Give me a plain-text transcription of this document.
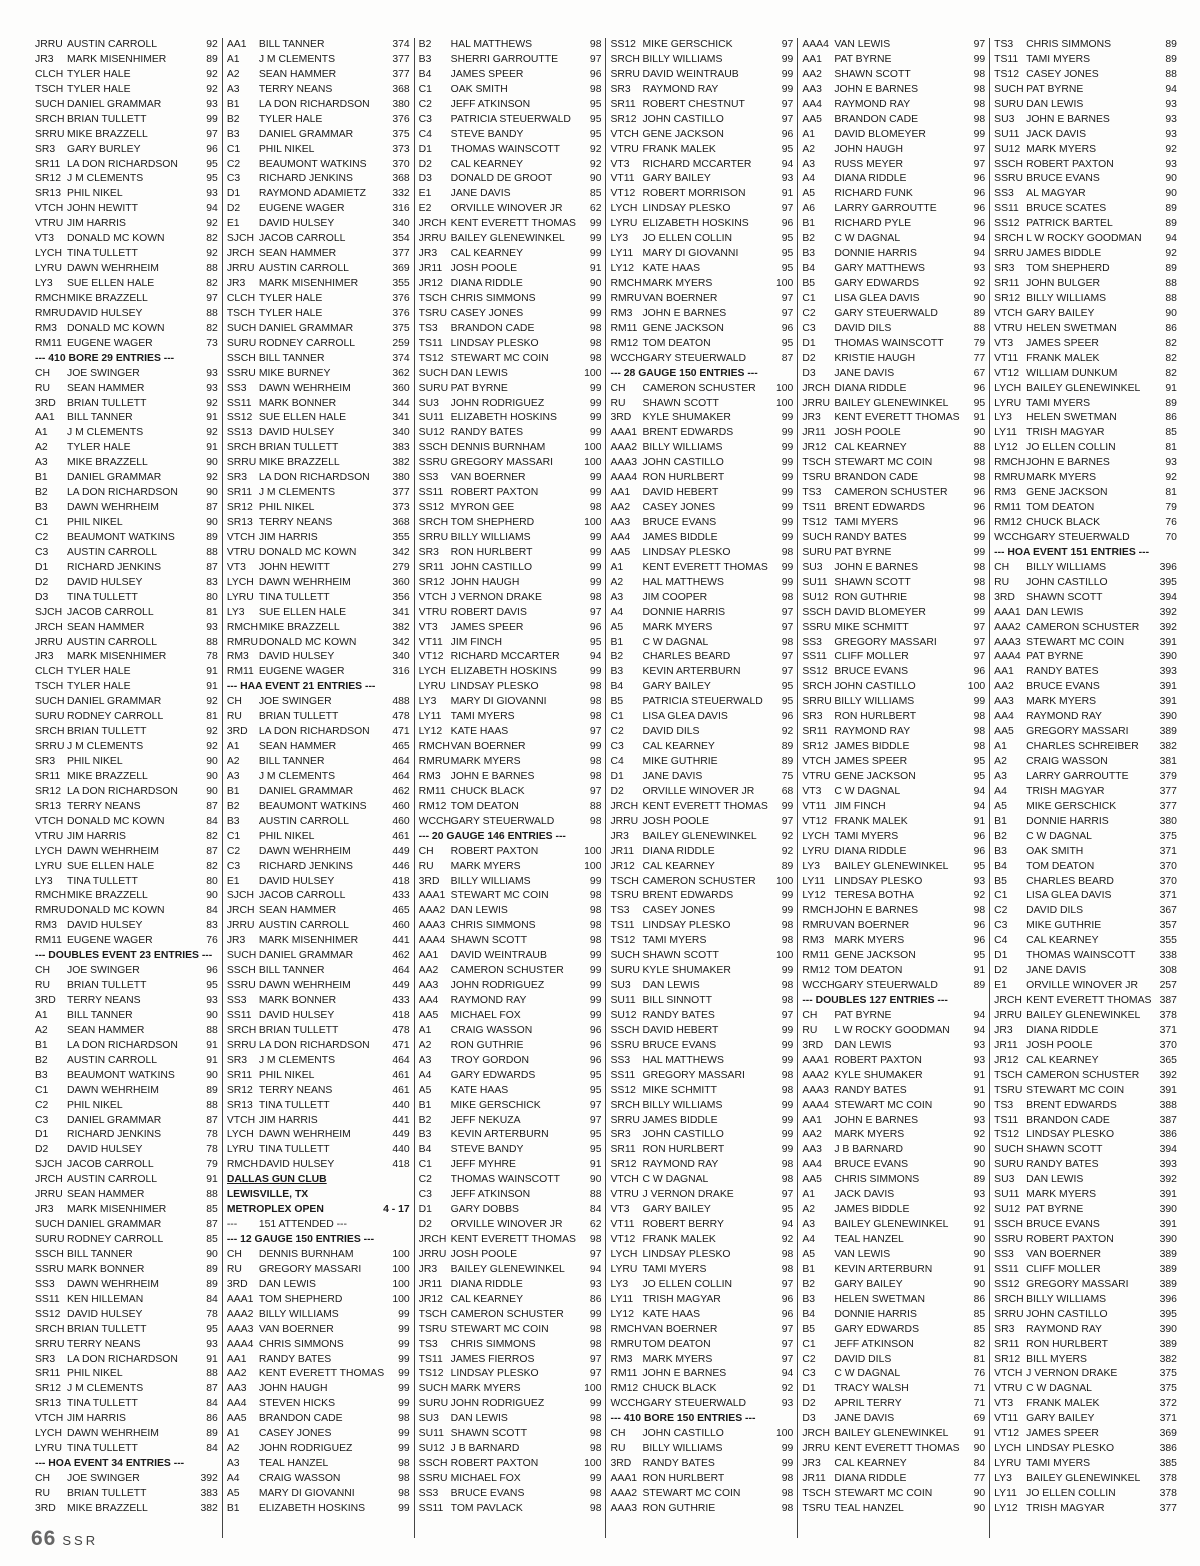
JRRU AUSTIN CARROLL	92
JR3	MARK MISENHIMER	89
CLCH TYLER HALE	92
TSCH TYLER HALE	92
SUCH DANIEL GRAMMAR	93
SRCH BRIAN TULLETT	99
SRRU MIKE BRAZZELL	97
SR3	GARY BURLEY	96
SR11 LA DON RICHARDSON	95
SR12 J M CLEMENTS	95
SR13 PHIL NIKEL	93
VTCH JOHN HEWITT	94
VTRU JIM HARRIS	92
VT3	DONALD MC KOWN	82
LYCH TINA TULLETT	92
LYRU DAWN WEHRHEIM	88
LY3	SUE ELLEN HALE	82
RMCH MIKE BRAZZELL	97
RMRU DAVID HULSEY	88
RM3 DONALD MC KOWN	82
RM11 EUGENE WAGER	73
--- 410 BORE 29 ENTRIES ---
CH	JOE SWINGER	93
RU	SEAN HAMMER	93
3RD	BRIAN TULLETT	92
AA1	BILL TANNER	91
A1	J M CLEMENTS	92
A2	TYLER HALE	91
A3	MIKE BRAZZELL	90
B1	DANIEL GRAMMAR	92
B2	LA DON RICHARDSON	90
B3	DAWN WEHRHEIM	87
C1	PHIL NIKEL	90
C2	BEAUMONT WATKINS	89
C3	AUSTIN CARROLL	88
D1	RICHARD JENKINS	87
D2	DAVID HULSEY	83
D3	TINA TULLETT	80
SJCH JACOB CARROLL	81
JRCH SEAN HAMMER	93
JRRU AUSTIN CARROLL	88
JR3	MARK MISENHIMER	78
CLCH TYLER HALE	91
TSCH TYLER HALE	91
SUCH DANIEL GRAMMAR	92
SURU RODNEY CARROLL	81
SRCH BRIAN TULLETT	92
SRRU J M CLEMENTS	92
SR3	PHIL NIKEL	90
SR11 MIKE BRAZZELL	90
SR12 LA DON RICHARDSON	90
SR13 TERRY NEANS	87
VTCH DONALD MC KOWN	84
VTRU JIM HARRIS	82
LYCH DAWN WEHRHEIM	87
LYRU SUE ELLEN HALE	82
LY3	TINA TULLETT	80
RMCH MIKE BRAZZELL	90
RMRU DONALD MC KOWN	84
RM3 DAVID HULSEY	83
RM11 EUGENE WAGER	76
--- DOUBLES EVENT 23 ENTRIES ---
CH	JOE SWINGER	96
RU	BRIAN TULLETT	95
3RD	TERRY NEANS	93
A1	BILL TANNER	90
A2	SEAN HAMMER	88
B1	LA DON RICHARDSON	91
B2	AUSTIN CARROLL	91
B3	BEAUMONT WATKINS	90
C1	DAWN WEHRHEIM	89
C2	PHIL NIKEL	88
C3	DANIEL GRAMMAR	87
D1	RICHARD JENKINS	78
D2	DAVID HULSEY	78
SJCH JACOB CARROLL	79
JRCH AUSTIN CARROLL	91
JRRU SEAN HAMMER	88
JR3	MARK MISENHIMER	85
SUCH DANIEL GRAMMAR	87
SURU RODNEY CARROLL	85
SSCH BILL TANNER	90
SSRU MARK BONNER	89
SS3	DAWN WEHRHEIM	89
SS11 KEN HILLEMAN	84
SS12 DAVID HULSEY	78
SRCH BRIAN TULLETT	95
SRRU TERRY NEANS	93
SR3	LA DON RICHARDSON	91
SR11 PHIL NIKEL	88
SR12 J M CLEMENTS	87
SR13 TINA TULLETT	84
VTCH JIM HARRIS	86
LYCH DAWN WEHRHEIM	89
LYRU TINA TULLETT	84
--- HOA EVENT 34 ENTRIES ---
CH	JOE SWINGER	392
RU	BRIAN TULLETT	383
3RD	MIKE BRAZZELL	382
AA1	BILL TANNER	374
A1	J M CLEMENTS	377
A2	SEAN HAMMER	377
A3	TERRY NEANS	368
B1	LA DON RICHARDSON	380
B2	TYLER HALE	376
B3	DANIEL GRAMMAR	375
C1	PHIL NIKEL	373
C2	BEAUMONT WATKINS	370
C3	RICHARD JENKINS	368
D1	RAYMOND ADAMIETZ	332
D2	EUGENE WAGER	316
E1	DAVID HULSEY	340
SJCH JACOB CARROLL	354
JRCH SEAN HAMMER	377
JRRU AUSTIN CARROLL	369
JR3	MARK MISENHIMER	355
CLCH TYLER HALE	376
TSCH TYLER HALE	376
SUCH DANIEL GRAMMAR	375
SURU RODNEY CARROLL	259
SSCH BILL TANNER	374
SSRU MIKE BURNEY	362
SS3	DAWN WEHRHEIM	360
SS11 MARK BONNER	344
SS12 SUE ELLEN HALE	341
SS13 DAVID HULSEY	340
SRCH BRIAN TULLETT	383
SRRU MIKE BRAZZELL	382
SR3	LA DON RICHARDSON	380
SR11 J M CLEMENTS	377
SR12 PHIL NIKEL	373
SR13 TERRY NEANS	368
VTCH JIM HARRIS	355
VTRU DONALD MC KOWN	342
VT3	JOHN HEWITT	279
LYCH DAWN WEHRHEIM	360
LYRU TINA TULLETT	356
LY3	SUE ELLEN HALE	341
RMCH MIKE BRAZZELL	382
RMRU DONALD MC KOWN	342
RM3 DAVID HULSEY	340
RM11 EUGENE WAGER	316
--- HAA EVENT 21 ENTRIES ---
CH	JOE SWINGER	488
RU	BRIAN TULLETT	478
3RD	LA DON RICHARDSON	471
A1	SEAN HAMMER	465
A2	BILL TANNER	464
A3	J M CLEMENTS	464
B1	DANIEL GRAMMAR	462
B2	BEAUMONT WATKINS	460
B3	AUSTIN CARROLL	460
C1	PHIL NIKEL	461
C2	DAWN WEHRHEIM	449
C3	RICHARD JENKINS	446
E1	DAVID HULSEY	418
SJCH JACOB CARROLL	433
JRCH SEAN HAMMER	465
JRRU AUSTIN CARROLL	460
JR3	MARK MISENHIMER	441
SUCH DANIEL GRAMMAR	462
SSCH BILL TANNER	464
SSRU DAWN WEHRHEIM	449
SS3	MARK BONNER	433
SS11 DAVID HULSEY	418
SRCH BRIAN TULLETT	478
SRRU LA DON RICHARDSON	471
SR3	J M CLEMENTS	464
SR11 PHIL NIKEL	461
SR12 TERRY NEANS	461
SR13 TINA TULLETT	440
VTCH JIM HARRIS	441
LYCH DAWN WEHRHEIM	449
LYRU TINA TULLETT	440
RMCH DAVID HULSEY	418
DALLAS GUN CLUB
LEWISVILLE, TX
METROPLEX OPEN	4 - 17
---	151 ATTENDED ---
--- 12 GAUGE 150 ENTRIES ---
CH	DENNIS BURNHAM	100
RU	GREGORY MASSARI	100
3RD	DAN LEWIS	100
AAA1 TOM SHEPHERD	100
AAA2 BILLY WILLIAMS	99
AAA3 VAN BOERNER	99
AAA4 CHRIS SIMMONS	99
AA1	RANDY BATES	99
AA2	KENT EVERETT THOMAS	99
AA3	JOHN HAUGH	99
AA4	STEVEN HICKS	99
AA5	BRANDON CADE	98
A1	CASEY JONES	99
A2	JOHN RODRIGUEZ	99
A3	TEAL HANZEL	98
A4	CRAIG WASSON	98
A5	MARY DI GIOVANNI	98
B1	ELIZABETH HOSKINS	99
B2	HAL MATTHEWS	98
B3	SHERRI GARROUTTE	97
B4	JAMES SPEER	96
C1	OAK SMITH	98
C2	JEFF ATKINSON	95
C3	PATRICIA STEUERWALD	95
C4	STEVE BANDY	95
D1	THOMAS WAINSCOTT	92
D2	CAL KEARNEY	92
D3	DONALD DE GROOT	90
E1	JANE DAVIS	85
E2	ORVILLE WINOVER JR	62
JRCH KENT EVERETT THOMAS	99
JRRU BAILEY GLENEWINKEL	99
JR3	CAL KEARNEY	99
JR11 JOSH POOLE	91
JR12 DIANA RIDDLE	90
TSCH CHRIS SIMMONS	99
TSRU CASEY JONES	99
TS3	BRANDON CADE	98
TS11 LINDSAY PLESKO	98
TS12 STEWART MC COIN	98
SUCH DAN LEWIS	100
SURU PAT BYRNE	99
SU3	JOHN RODRIGUEZ	99
SU11 ELIZABETH HOSKINS	99
SU12 RANDY BATES	99
SSCH DENNIS BURNHAM	100
SSRU GREGORY MASSARI	100
SS3	VAN BOERNER	99
SS11 ROBERT PAXTON	99
SS12 MYRON GEE	98
SRCH TOM SHEPHERD	100
SRRU BILLY WILLIAMS	99
SR3	RON HURLBERT	99
SR11 JOHN CASTILLO	99
SR12 JOHN HAUGH	99
VTCH J VERNON DRAKE	98
VTRU ROBERT DAVIS	97
VT3	JAMES SPEER	96
VT11 JIM FINCH	95
VT12 RICHARD MCCARTER	94
LYCH ELIZABETH HOSKINS	99
LYRU LINDSAY PLESKO	98
LY3	MARY DI GIOVANNI	98
LY11 TAMI MYERS	98
LY12 KATE HAAS	97
RMCH VAN BOERNER	99
RMRU MARK MYERS	98
RM3 JOHN E BARNES	98
RM11 CHUCK BLACK	97
RM12 TOM DEATON	88
WCCH GARY STEUERWALD	98
--- 20 GAUGE 146 ENTRIES ---
CH	ROBERT PAXTON	100
RU	MARK MYERS	100
3RD	BILLY WILLIAMS	99
AAA1 STEWART MC COIN	98
AAA2 DAN LEWIS	98
AAA3 CHRIS SIMMONS	98
AAA4 SHAWN SCOTT	98
AA1	DAVID WEINTRAUB	99
AA2	CAMERON SCHUSTER	99
AA3	JOHN RODRIGUEZ	99
AA4	RAYMOND RAY	99
AA5	MICHAEL FOX	99
A1	CRAIG WASSON	96
A2	RON GUTHRIE	96
A3	TROY GORDON	96
A4	GARY EDWARDS	95
A5	KATE HAAS	95
B1	MIKE GERSCHICK	97
B2	JEFF NEKUZA	97
B3	KEVIN ARTERBURN	95
B4	STEVE BANDY	95
C1	JEFF MYHRE	91
C2	THOMAS WAINSCOTT	90
C3	JEFF ATKINSON	88
D1	GARY DOBBS	84
D2	ORVILLE WINOVER JR	62
JRCH KENT EVERETT THOMAS	98
JRRU JOSH POOLE	97
JR3	BAILEY GLENEWINKEL	94
JR11 DIANA RIDDLE	93
JR12 CAL KEARNEY	86
TSCH CAMERON SCHUSTER	99
TSRU STEWART MC COIN	98
TS3	CHRIS SIMMONS	98
TS11 JAMES FIERROS	97
TS12 LINDSAY PLESKO	97
SUCH MARK MYERS	100
SURU JOHN RODRIGUEZ	99
SU3	DAN LEWIS	98
SU11 SHAWN SCOTT	98
SU12 J B BARNARD	98
SSCH ROBERT PAXTON	100
SSRU MICHAEL FOX	99
SS3	BRUCE EVANS	98
SS11 TOM PAVLACK	98
SS12 MIKE GERSCHICK	97
SRCH BILLY WILLIAMS	99
SRRU DAVID WEINTRAUB	99
SR3	RAYMOND RAY	99
SR11 ROBERT CHESTNUT	97
SR12 JOHN CASTILLO	97
VTCH GENE JACKSON	96
VTRU FRANK MALEK	95
VT3	RICHARD MCCARTER	94
VT11 GARY BAILEY	93
VT12 ROBERT MORRISON	91
LYCH LINDSAY PLESKO	97
LYRU ELIZABETH HOSKINS	96
LY3	JO ELLEN COLLIN	95
LY11 MARY DI GIOVANNI	95
LY12 KATE HAAS	95
RMCH MARK MYERS	100
RMRU VAN BOERNER	97
RM3 JOHN E BARNES	97
RM11 GENE JACKSON	96
RM12 TOM DEATON	95
WCCH GARY STEUERWALD	87
--- 28 GAUGE 150 ENTRIES ---
CH	CAMERON SCHUSTER	100
RU	SHAWN SCOTT	100
3RD	KYLE SHUMAKER	99
AAA1 BRENT EDWARDS	99
AAA2 BILLY WILLIAMS	99
AAA3 JOHN CASTILLO	99
AAA4 RON HURLBERT	99
AA1	DAVID HEBERT	99
AA2	CASEY JONES	99
AA3	BRUCE EVANS	99
AA4	JAMES BIDDLE	99
AA5	LINDSAY PLESKO	98
A1	KENT EVERETT THOMAS	99
A2	HAL MATTHEWS	99
A3	JIM COOPER	98
A4	DONNIE HARRIS	97
A5	MARK MYERS	97
B1	C W DAGNAL	98
B2	CHARLES BEARD	97
B3	KEVIN ARTERBURN	97
B4	GARY BAILEY	95
B5	PATRICIA STEUERWALD	95
C1	LISA GLEA DAVIS	96
C2	DAVID DILS	92
C3	CAL KEARNEY	89
C4	MIKE GUTHRIE	89
D1	JANE DAVIS	75
D2	ORVILLE WINOVER JR	68
JRCH KENT EVERETT THOMAS	99
JRRU JOSH POOLE	97
JR3	BAILEY GLENEWINKEL	92
JR11 DIANA RIDDLE	92
JR12 CAL KEARNEY	89
TSCH CAMERON SCHUSTER	100
TSRU BRENT EDWARDS	99
TS3	CASEY JONES	99
TS11 LINDSAY PLESKO	98
TS12 TAMI MYERS	98
SUCH SHAWN SCOTT	100
SURU KYLE SHUMAKER	99
SU3	DAN LEWIS	98
SU11 BILL SINNOTT	98
SU12 RANDY BATES	97
SSCH DAVID HEBERT	99
SSRU BRUCE EVANS	99
SS3	HAL MATTHEWS	99
SS11 GREGORY MASSARI	98
SS12 MIKE SCHMITT	98
SRCH BILLY WILLIAMS	99
SRRU JAMES BIDDLE	99
SR3	JOHN CASTILLO	99
SR11 RON HURLBERT	99
SR12 RAYMOND RAY	98
VTCH C W DAGNAL	98
VTRU J VERNON DRAKE	97
VT3	GARY BAILEY	95
VT11 ROBERT BERRY	94
VT12 FRANK MALEK	92
LYCH LINDSAY PLESKO	98
LYRU TAMI MYERS	98
LY3	JO ELLEN COLLIN	97
LY11 TRISH MAGYAR	96
LY12 KATE HAAS	96
RMCH VAN BOERNER	97
RMRU TOM DEATON	97
RM3 MARK MYERS	97
RM11 JOHN E BARNES	94
RM12 CHUCK BLACK	92
WCCH GARY STEUERWALD	93
--- 410 BORE 150 ENTRIES ---
CH	JOHN CASTILLO	100
RU	BILLY WILLIAMS	99
3RD	RANDY BATES	99
AAA1 RON HURLBERT	98
AAA2 STEWART MC COIN	98
AAA3 RON GUTHRIE	98
AAA4 VAN LEWIS	97
AA1	PAT BYRNE	99
AA2	SHAWN SCOTT	98
AA3	JOHN E BARNES	98
AA4	RAYMOND RAY	98
AA5	BRANDON CADE	98
A1	DAVID BLOMEYER	99
A2	JOHN HAUGH	97
A3	RUSS MEYER	97
A4	DIANA RIDDLE	96
A5	RICHARD FUNK	96
A6	LARRY GARROUTTE	96
B1	RICHARD PYLE	96
B2	C W DAGNAL	94
B3	DONNIE HARRIS	94
B4	GARY MATTHEWS	93
B5	GARY EDWARDS	92
C1	LISA GLEA DAVIS	90
C2	GARY STEUERWALD	89
C3	DAVID DILS	88
D1	THOMAS WAINSCOTT	79
D2	KRISTIE HAUGH	77
D3	JANE DAVIS	67
JRCH DIANA RIDDLE	96
JRRU BAILEY GLENEWINKEL	95
JR3	KENT EVERETT THOMAS	91
JR11 JOSH POOLE	90
JR12 CAL KEARNEY	88
TSCH STEWART MC COIN	98
TSRU BRANDON CADE	98
TS3	CAMERON SCHUSTER	96
TS11 BRENT EDWARDS	96
TS12 TAMI MYERS	96
SUCH RANDY BATES	99
SURU PAT BYRNE	99
SU3	JOHN E BARNES	98
SU11 SHAWN SCOTT	98
SU12 RON GUTHRIE	98
SSCH DAVID BLOMEYER	99
SSRU MIKE SCHMITT	97
SS3	GREGORY MASSARI	97
SS11 CLIFF MOLLER	97
SS12 BRUCE EVANS	96
SRCH JOHN CASTILLO	100
SRRU BILLY WILLIAMS	99
SR3	RON HURLBERT	98
SR11 RAYMOND RAY	98
SR12 JAMES BIDDLE	98
VTCH JAMES SPEER	95
VTRU GENE JACKSON	95
VT3	C W DAGNAL	94
VT11 JIM FINCH	94
VT12 FRANK MALEK	91
LYCH TAMI MYERS	96
LYRU DIANA RIDDLE	96
LY3	BAILEY GLENEWINKEL	95
LY11 LINDSAY PLESKO	93
LY12 TERESA BOTHA	92
RMCH JOHN E BARNES	98
RMRU VAN BOERNER	96
RM3 MARK MYERS	96
RM11 GENE JACKSON	95
RM12 TOM DEATON	91
WCCH GARY STEUERWALD	89
--- DOUBLES 127 ENTRIES ---
CH	PAT BYRNE	94
RU	L W ROCKY GOODMAN	94
3RD	DAN LEWIS	93
AAA1 ROBERT PAXTON	93
AAA2 KYLE SHUMAKER	91
AAA3 RANDY BATES	91
AAA4 STEWART MC COIN	90
AA1	JOHN E BARNES	93
AA2	MARK MYERS	92
AA3	J B BARNARD	90
AA4	BRUCE EVANS	90
AA5	CHRIS SIMMONS	89
A1	JACK DAVIS	93
A2	JAMES BIDDLE	92
A3	BAILEY GLENEWINKEL	91
A4	TEAL HANZEL	90
A5	VAN LEWIS	90
B1	KEVIN ARTERBURN	91
B2	GARY BAILEY	90
B3	HELEN SWETMAN	86
B4	DONNIE HARRIS	85
B5	GARY EDWARDS	85
C1	JEFF ATKINSON	82
C2	DAVID DILS	81
C3	C W DAGNAL	76
D1	TRACY WALSH	71
D2	APRIL TERRY	71
D3	JANE DAVIS	69
JRCH BAILEY GLENEWINKEL	91
JRRU KENT EVERETT THOMAS	90
JR3	CAL KEARNEY	84
JR11 DIANA RIDDLE	77
TSCH STEWART MC COIN	90
TSRU TEAL HANZEL	90
TS3	CHRIS SIMMONS	89
TS11 TAMI MYERS	89
TS12 CASEY JONES	88
SUCH PAT BYRNE	94
SURU DAN LEWIS	93
SU3	JOHN E BARNES	93
SU11 JACK DAVIS	93
SU12 MARK MYERS	92
SSCH ROBERT PAXTON	93
SSRU BRUCE EVANS	90
SS3	AL MAGYAR	90
SS11 BRUCE SCATES	89
SS12 PATRICK BARTEL	89
SRCH L W ROCKY GOODMAN	94
SRRU JAMES BIDDLE	92
SR3	TOM SHEPHERD	89
SR11 JOHN BULGER	88
SR12 BILLY WILLIAMS	88
VTCH GARY BAILEY	90
VTRU HELEN SWETMAN	86
VT3	JAMES SPEER	82
VT11 FRANK MALEK	82
VT12 WILLIAM DUNKUM	82
LYCH BAILEY GLENEWINKEL	91
LYRU TAMI MYERS	89
LY3	HELEN SWETMAN	86
LY11 TRISH MAGYAR	85
LY12 JO ELLEN COLLIN	81
RMCH JOHN E BARNES	93
RMRU MARK MYERS	92
RM3 GENE JACKSON	81
RM11 TOM DEATON	79
RM12 CHUCK BLACK	76
WCCH GARY STEUERWALD	70
--- HOA EVENT 151 ENTRIES ---
CH	BILLY WILLIAMS	396
RU	JOHN CASTILLO	395
3RD	SHAWN SCOTT	394
AAA1 DAN LEWIS	392
AAA2 CAMERON SCHUSTER	392
AAA3 STEWART MC COIN	391
AAA4 PAT BYRNE	390
AA1	RANDY BATES	393
AA2	BRUCE EVANS	391
AA3	MARK MYERS	391
AA4	RAYMOND RAY	390
AA5	GREGORY MASSARI	389
A1	CHARLES SCHREIBER	382
A2	CRAIG WASSON	381
A3	LARRY GARROUTTE	379
A4	TRISH MAGYAR	377
A5	MIKE GERSCHICK	377
B1	DONNIE HARRIS	380
B2	C W DAGNAL	375
B3	OAK SMITH	371
B4	TOM DEATON	370
B5	CHARLES BEARD	370
C1	LISA GLEA DAVIS	371
C2	DAVID DILS	367
C3	MIKE GUTHRIE	357
C4	CAL KEARNEY	355
D1	THOMAS WAINSCOTT	338
D2	JANE DAVIS	308
E1	ORVILLE WINOVER JR	257
JRCH KENT EVERETT THOMAS 387
JRRU BAILEY GLENEWINKEL	378
JR3	DIANA RIDDLE	371
JR11 JOSH POOLE	370
JR12 CAL KEARNEY	365
TSCH CAMERON SCHUSTER	392
TSRU STEWART MC COIN	391
TS3	BRENT EDWARDS	388
TS11 BRANDON CADE	387
TS12 LINDSAY PLESKO	386
SUCH SHAWN SCOTT	394
SURU RANDY BATES	393
SU3	DAN LEWIS	392
SU11 MARK MYERS	391
SU12 PAT BYRNE	390
SSCH BRUCE EVANS	391
SSRU ROBERT PAXTON	390
SS3	VAN BOERNER	389
SS11 CLIFF MOLLER	389
SS12 GREGORY MASSARI	389
SRCH BILLY WILLIAMS	396
SRRU JOHN CASTILLO	395
SR3	RAYMOND RAY	390
SR11 RON HURLBERT	389
SR12 BILL MYERS	382
VTCH J VERNON DRAKE	375
VTRU C W DAGNAL	375
VT3	FRANK MALEK	372
VT11 GARY BAILEY	371
VT12 JAMES SPEER	369
LYCH LINDSAY PLESKO	386
LYRU TAMI MYERS	385
LY3	BAILEY GLENEWINKEL	378
LY11 JO ELLEN COLLIN	378
LY12 TRISH MAGYAR	377
66 SSR
